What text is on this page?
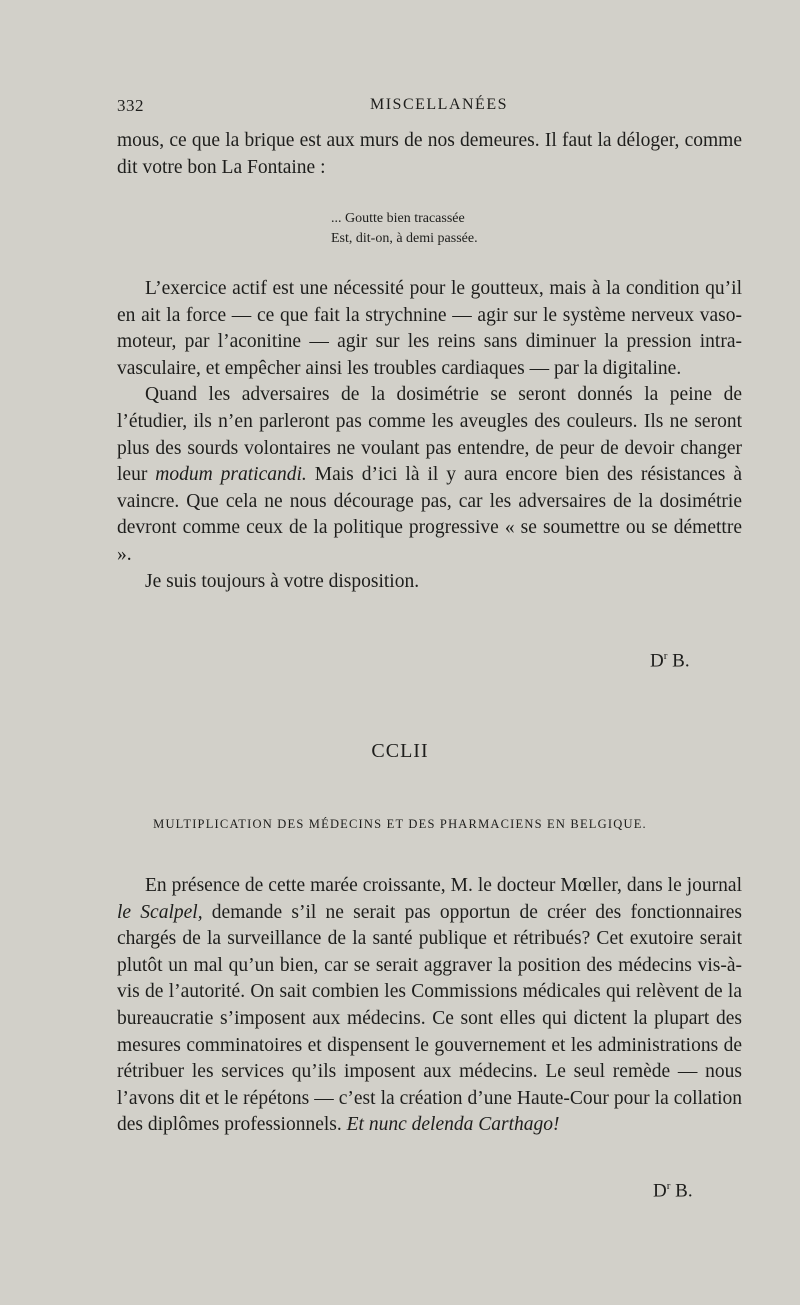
332	MISCELLANÉES

mous, ce que la brique est aux murs de nos demeures. Il faut la déloger, comme dit votre bon La Fontaine :

... Goutte bien tracassée
Est, dit-on, à demi passée.

L’exercice actif est une nécessité pour le goutteux, mais à la condition qu’il en ait la force — ce que fait la strychnine — agir sur le système nerveux vaso-moteur, par l’aconitine — agir sur les reins sans diminuer la pression intra-vasculaire, et empêcher ainsi les troubles cardiaques — par la digitaline.

Quand les adversaires de la dosimétrie se seront donnés la peine de l’étudier, ils n’en parleront pas comme les aveugles des couleurs. Ils ne seront plus des sourds volontaires ne voulant pas entendre, de peur de devoir changer leur modum praticandi. Mais d’ici là il y aura encore bien des résistances à vaincre. Que cela ne nous décourage pas, car les adversaires de la dosimétrie devront comme ceux de la politique progressive « se soumettre ou se démettre ».

Je suis toujours à votre disposition.

$D^r$ B.
CCLII
MULTIPLICATION DES MÉDECINS ET DES PHARMACIENS EN BELGIQUE.

En présence de cette marée croissante, M. le docteur Mœller, dans le journal le Scalpel, demande s’il ne serait pas opportun de créer des fonctionnaires chargés de la surveillance de la santé publique et rétribués? Cet exutoire serait plutôt un mal qu’un bien, car se serait aggraver la position des médecins vis-à-vis de l’autorité. On sait combien les Commissions médicales qui relèvent de la bureaucratie s’imposent aux médecins. Ce sont elles qui dictent la plupart des mesures comminatoires et dispensent le gouvernement et les administrations de rétribuer les services qu’ils imposent aux médecins. Le seul remède — nous l’avons dit et le répétons — c’est la création d’une Haute-Cour pour la collation des diplômes professionnels. Et nunc delenda Carthago!

$D^r$ B.
